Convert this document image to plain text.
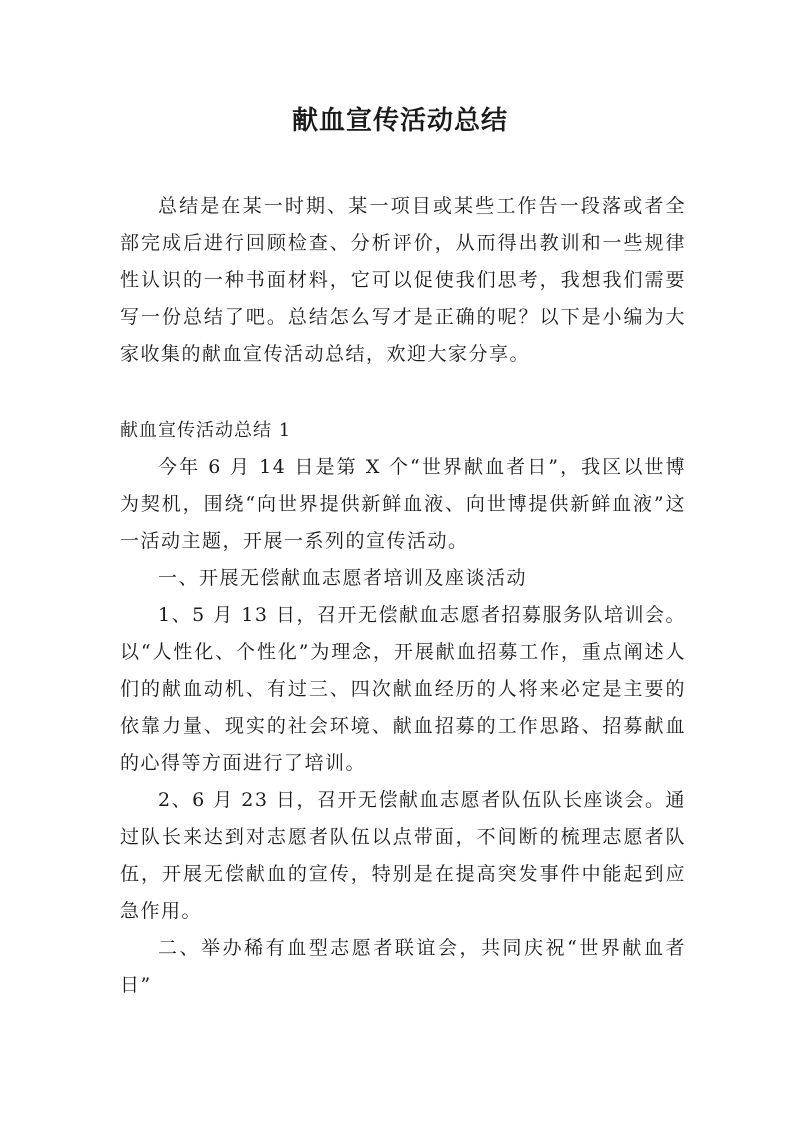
献血宣传活动总结

总结是在某一时期、某一项目或某些工作告一段落或者全部完成后进行回顾检查、分析评价，从而得出教训和一些规律性认识的一种书面材料，它可以促使我们思考，我想我们需要写一份总结了吧。总结怎么写才是正确的呢？以下是小编为大家收集的献血宣传活动总结，欢迎大家分享。

献血宣传活动总结 1

今年 6 月 14 日是第 X 个“世界献血者日”，我区以世博为契机，围绕“向世界提供新鲜血液、向世博提供新鲜血液”这一活动主题，开展一系列的宣传活动。

一、开展无偿献血志愿者培训及座谈活动

1、5 月 13 日，召开无偿献血志愿者招募服务队培训会。以“人性化、个性化”为理念，开展献血招募工作，重点阐述人们的献血动机、有过三、四次献血经历的人将来必定是主要的依靠力量、现实的社会环境、献血招募的工作思路、招募献血的心得等方面进行了培训。

2、6 月 23 日，召开无偿献血志愿者队伍队长座谈会。通过队长来达到对志愿者队伍以点带面，不间断的梳理志愿者队伍，开展无偿献血的宣传，特别是在提高突发事件中能起到应急作用。

二、举办稀有血型志愿者联谊会，共同庆祝“世界献血者日”
